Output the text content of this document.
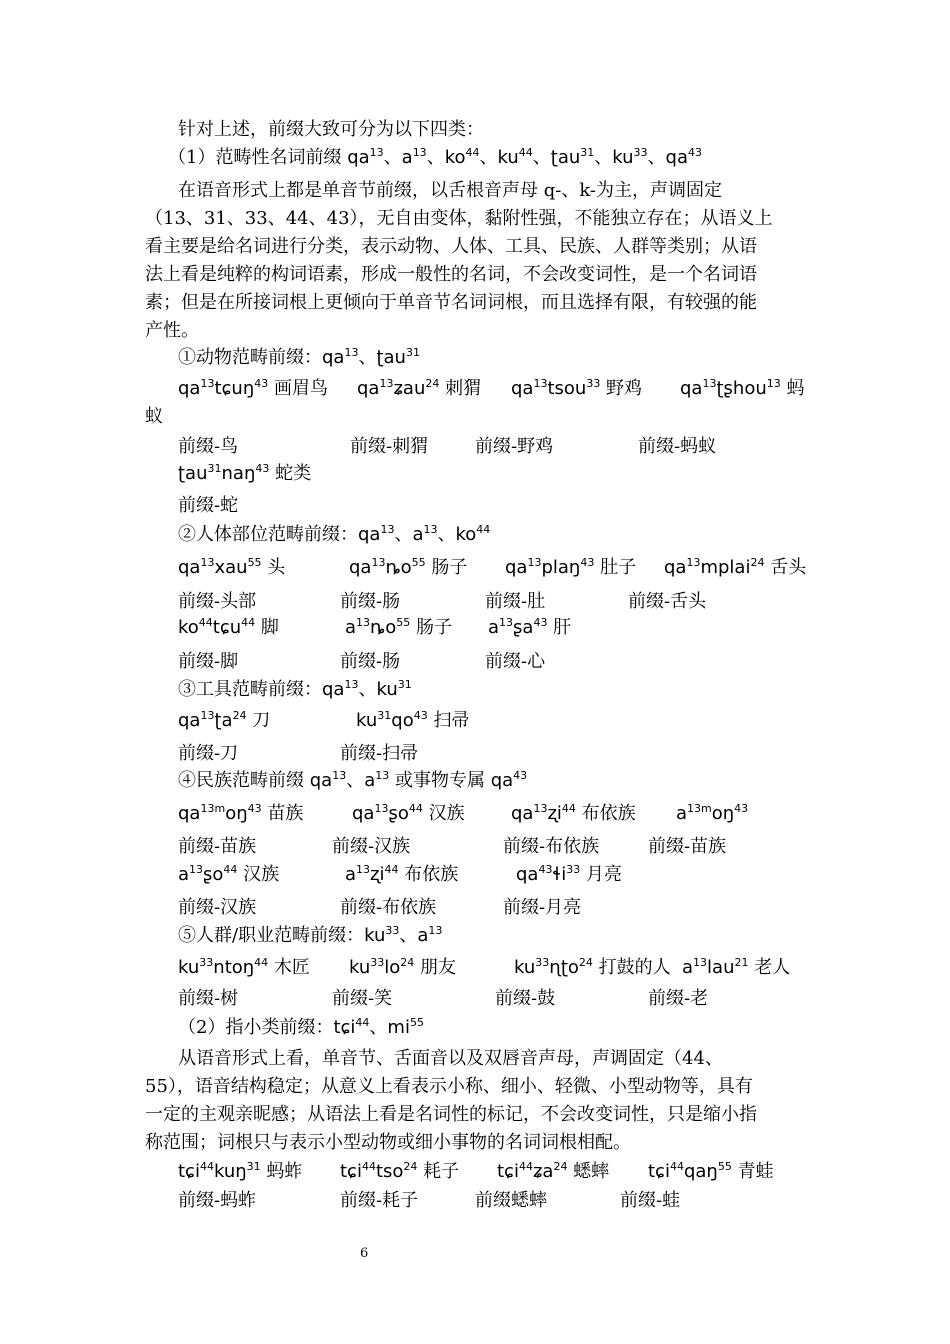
针对上述，前缀大致可分为以下四类：
（1）范畴性名词前缀 $qa^{13}$、$a^{13}$、$ko^{44}$、$ku^{44}$、ʈau$^{31}$、$ku^{33}$、$qa^{43}$
在语音形式上都是单音节前缀，以舌根音声母 q-、k-为主，声调固定
（13、31、33、44、43），无自由变体，黏附性强，不能独立存在；从语义上
看主要是给名词进行分类，表示动物、人体、工具、民族、人群等类别；从语
法上看是纯粹的构词语素，形成一般性的名词，不会改变词性，是一个名词语
素；但是在所接词根上更倾向于单音节名词词根，而且选择有限，有较强的能
产性。
①动物范畴前缀：$qa^{13}$、ʈau$^{31}$
$qa^{13}tɕuŋ^{43}$ 画眉鸟 $qa^{13}ʑau^{24}$ 刺猬 $qa^{13}tsou^{33}$ 野鸡 $qa^{13}ʈʂhou^{13}$ 蚂
蚁
前缀-鸟	前缀-刺猬	前缀-野鸡	前缀-蚂蚁
ʈau$^{31}$naŋ$^{43}$ 蛇类
前缀-蛇
②人体部位范畴前缀：$qa^{13}$、$a^{13}$、$ko^{44}$
$qa^{13}xau^{55}$ 头	$qa^{13}ȵo^{55}$ 肠子 $qa^{13}plaŋ^{43}$ 肚子 $qa^{13}mplai^{24}$ 舌头
前缀-头部	前缀-肠	前缀-肚	前缀-舌头
$ko^{44}tɕu^{44}$ 脚	$a^{13}ȵo^{55}$ 肠子 $a^{13}ʂa^{43}$ 肝
前缀-脚	前缀-肠	前缀-心
③工具范畴前缀：$qa^{13}$、$ku^{31}$
$qa^{13}ʈa^{24}$ 刀	$ku^{31}qo^{43}$ 扫帚
前缀-刀	前缀-扫帚
④民族范畴前缀 $qa^{13}$、$a^{13}$ 或事物专属 $qa^{43}$
$qa^{13m}oŋ^{43}$ 苗族	$qa^{13}ʂo^{44}$ 汉族	$qa^{13}ʐi^{44}$ 布依族 $a^{13m}oŋ^{43}$
前缀-苗族	前缀-汉族	前缀-布依族	前缀-苗族
$a^{13}ʂo^{44}$ 汉族	$a^{13}ʐi^{44}$ 布依族	$qa^{43}ɬi^{33}$ 月亮
前缀-汉族	前缀-布依族	前缀-月亮
⑤人群/职业范畴前缀：$ku^{33}$、$a^{13}$
$ku^{33}ntoŋ^{44}$ 木匠 $ku^{33}lo^{24}$ 朋友	$ku^{33}ɳʈo^{24}$ 打鼓的人 $a^{13}lau^{21}$ 老人
前缀-树	前缀-笑	前缀-鼓	前缀-老
（2）指小类前缀：tɕi$^{44}$、$mi^{55}$
从语音形式上看，单音节、舌面音以及双唇音声母，声调固定（44、
55），语音结构稳定；从意义上看表示小称、细小、轻微、小型动物等，具有
一定的主观亲昵感；从语法上看是名词性的标记，不会改变词性，只是缩小指
称范围；词根只与表示小型动物或细小事物的名词词根相配。
tɕi$^{44}$kuŋ$^{31}$ 蚂蚱 tɕi$^{44}$tso$^{24}$ 耗子 tɕi$^{44}$ʑa$^{24}$ 蟋蟀 tɕi$^{44}$qaŋ$^{55}$ 青蛙
前缀-蚂蚱	前缀-耗子	前缀蟋蟀	前缀-蛙
6
